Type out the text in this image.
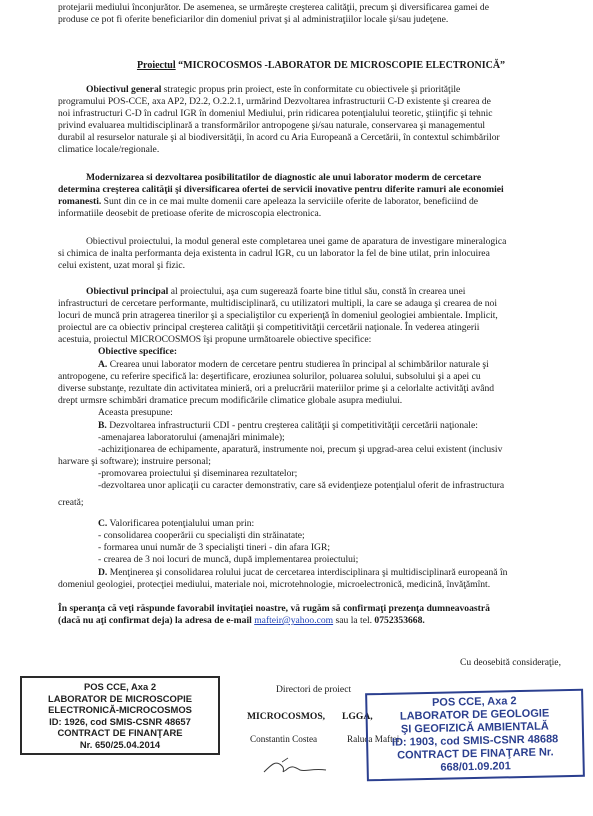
protejarii mediului înconjurător. De asemenea, se urmăreşte creşterea calităţii, precum şi diversificarea gamei de
produse ce pot fi oferite beneficiarilor din domeniul privat şi al administraţiilor locale şi/sau judeţene.
Proiectul “MICROCOSMOS -LABORATOR DE MICROSCOPIE ELECTRONICĂ”
Obiectivul general strategic propus prin proiect, este în conformitate cu obiectivele şi priorităţile
programului POS-CCE, axa AP2, D2.2, O.2.2.1, urmărind Dezvoltarea infrastructurii C-D existente şi crearea de
noi infrastructuri C-D în cadrul IGR în domeniul Mediului, prin ridicarea potenţialului teoretic, ştiinţific şi tehnic
privind evaluarea multidisciplinară a transformărilor antropogene şi/sau naturale, conservarea şi managementul
durabil al resurselor naturale şi al biodiversităţii, în acord cu Aria Europeană a Cercetării, în contextul schimbărilor
climatice locale/regionale.
Modernizarea si dezvoltarea posibilitatilor de diagnostic ale unui laborator moderm de cercetare
determina creşterea calităţii şi diversificarea ofertei de servicii inovative pentru diferite ramuri ale economiei
romanesti. Sunt din ce in ce mai multe domenii care apeleaza la serviciile oferite de laborator, beneficiind de
informatiile deosebit de pretioase oferite de microscopia electronica.
Obiectivul proiectului, la modul general este completarea unei game de aparatura de investigare mineralogica
si chimica de inalta performanta deja existenta in cadrul IGR, cu un laborator la fel de bine utilat, prin inlocuirea
celui existent, uzat moral şi fizic.
Obiectivul principal al proiectului, aşa cum sugerează foarte bine titlul său, constă în crearea unei
infrastructuri de cercetare performante, multidisciplinară, cu utilizatori multipli, la care se adauga şi crearea de noi
locuri de muncă prin atragerea tinerilor şi a specialiştilor cu experienţă în domeniul geologiei ambientale. Implicit,
proiectul are ca obiectiv principal creşterea calităţii şi competitivităţii cercetării naţionale. În vederea atingerii
acestuia, proiectul MICROCOSMOS îşi propune următoarele obiective specifice:
Obiective specifice:
A. Crearea unui laborator modern de cercetare pentru studierea în principal al schimbărilor naturale şi
antropogene, cu referire specifică la: deşertificare, eroziunea solurilor, poluarea solului, subsolului şi a apei cu
diverse substanţe, rezultate din activitatea minieră, ori a prelucrării materiilor prime şi a celorlalte activităţi având
drept urmsre schimbări dramatice precum modificările climatice globale asupra mediului.
Aceasta presupune:
B. Dezvoltarea infrastructurii CDI - pentru creşterea calităţii şi competitivităţii cercetării naţionale:
-amenajarea laboratorului (amenajări minimale);
-achiziţionarea de echipamente, aparatură, instrumente noi, precum şi upgrad-area celui existent (inclusiv
harware şi software); instruire personal;
-promovarea proiectului şi diseminarea rezultatelor;
-dezvoltarea unor aplicaţii cu caracter demonstrativ, care să evidenţieze potenţialul oferit de infrastructura
creată;
C. Valorificarea potenţialului uman prin:
- consolidarea cooperării cu specialişti din străinatate;
- formarea unui număr de 3 specialişti tineri - din afara IGR;
- crearea de 3 noi locuri de muncă, după implementarea proiectului;
D. Menţinerea şi consolidarea rolului jucat de cercetarea interdisciplinara şi multidisciplinară europeană în
domeniul geologiei, protecţiei mediului, materiale noi, microtehnologie, microelectronică, medicină, învăţămînt.
În speranţa că veţi răspunde favorabil invitaţiei noastre, vă rugăm să confirmaţi prezenţa dumneavoastră
(dacă nu aţi confirmat deja) la adresa de e-mail mafteir@yahoo.com sau la tel. 0752353668.
Cu deosebită consideraţie,
POS CCE, Axa 2
LABORATOR DE MICROSCOPIE
ELECTRONICĂ-MICROCOSMOS
ID: 1926, cod SMIS-CSNR 48657
CONTRACT DE FINANŢARE
Nr. 650/25.04.2014
Directori de proiect
MICROCOSMOS, LGGA,
Constantin Costea	Raluca Maftei
POS CCE, Axa 2
LABORATOR DE GEOLOGIE
ŞI GEOFIZICĂ AMBIENTALĂ
ID: 1903, cod SMIS-CSNR 48688
CONTRACT DE FINAŢARE Nr. 668/01.09.201
